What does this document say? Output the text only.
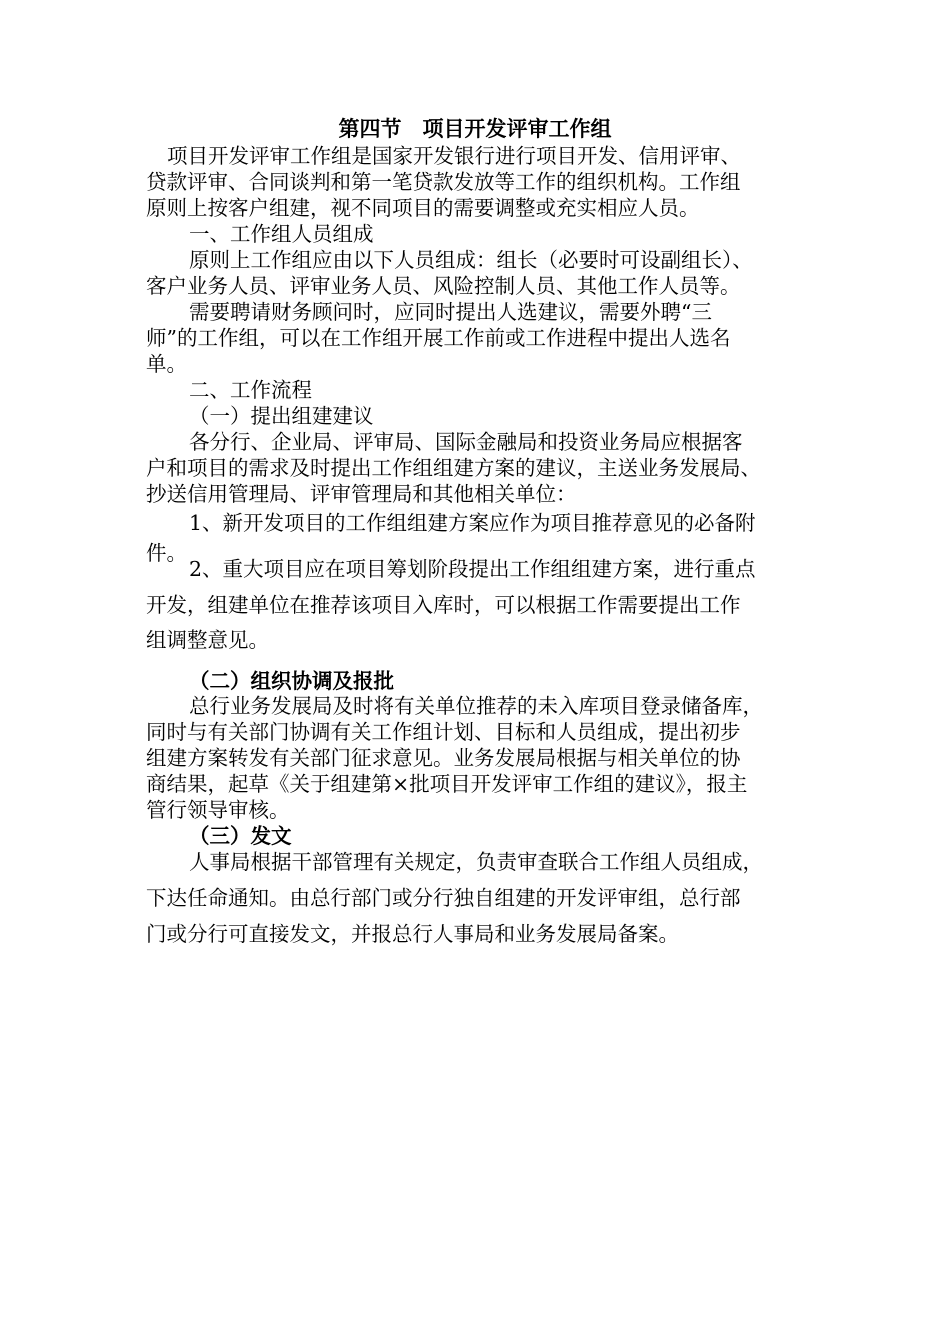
第四节　项目开发评审工作组
项目开发评审工作组是国家开发银行进行项目开发、信用评审、
贷款评审、合同谈判和第一笔贷款发放等工作的组织机构。工作组
原则上按客户组建，视不同项目的需要调整或充实相应人员。
一、工作组人员组成
原则上工作组应由以下人员组成：组长（必要时可设副组长）、
客户业务人员、评审业务人员、风险控制人员、其他工作人员等。
需要聘请财务顾问时，应同时提出人选建议，需要外聘“三
师”的工作组，可以在工作组开展工作前或工作进程中提出人选名
单。
二、工作流程
（一）提出组建建议
各分行、企业局、评审局、国际金融局和投资业务局应根据客
户和项目的需求及时提出工作组组建方案的建议，主送业务发展局、
抄送信用管理局、评审管理局和其他相关单位：
1、新开发项目的工作组组建方案应作为项目推荐意见的必备附
件。
2、重大项目应在项目筹划阶段提出工作组组建方案，进行重点
开发，组建单位在推荐该项目入库时，可以根据工作需要提出工作
组调整意见。
（二）组织协调及报批
总行业务发展局及时将有关单位推荐的未入库项目登录储备库，
同时与有关部门协调有关工作组计划、目标和人员组成，提出初步
组建方案转发有关部门征求意见。业务发展局根据与相关单位的协
商结果，起草《关于组建第×批项目开发评审工作组的建议》，报主
管行领导审核。
（三）发文
人事局根据干部管理有关规定，负责审查联合工作组人员组成，
下达任命通知。由总行部门或分行独自组建的开发评审组，总行部
门或分行可直接发文，并报总行人事局和业务发展局备案。
